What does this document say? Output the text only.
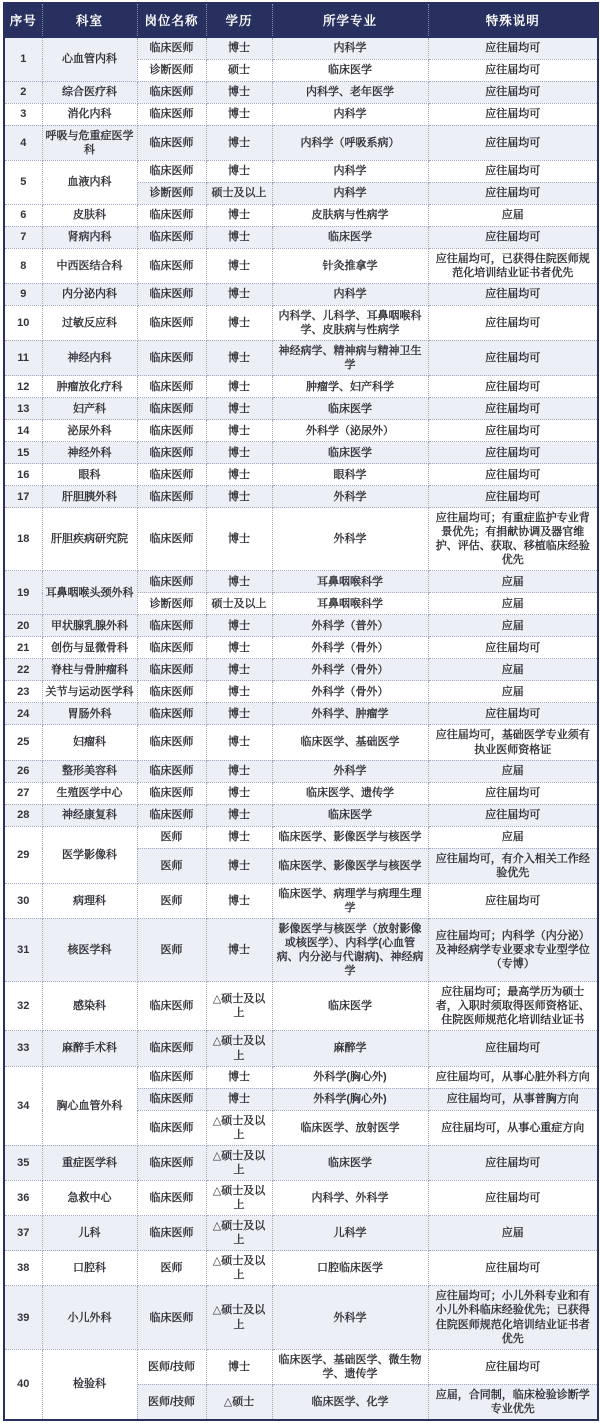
序号	科室	岗位名称	学历	所学专业	特殊说明
1	心血管内科	临床医师	博士	内科学	应往届均可
		诊断医师	硕士	临床医学	应往届均可
2	综合医疗科	临床医师	博士	内科学、老年医学	应往届均可
3	消化内科	临床医师	博士	内科学	应往届均可
4	呼吸与危重症医学科	临床医师	博士	内科学（呼吸系病）	应往届均可
5	血液内科	临床医师	博士	内科学	应往届均可
		诊断医师	硕士及以上	内科学	应往届均可
6	皮肤科	临床医师	博士	皮肤病与性病学	应届
7	肾病内科	临床医师	博士	临床医学	应往届均可
8	中西医结合科	临床医师	博士	针灸推拿学	应往届均可，已获得住院医师规范化培训结业证书者优先
9	内分泌内科	临床医师	博士	内科学	应往届均可
10	过敏反应科	临床医师	博士	内科学、儿科学、耳鼻咽喉科学、皮肤病与性病学	应往届均可
11	神经内科	临床医师	博士	神经病学、精神病与精神卫生学	应往届均可
12	肿瘤放化疗科	临床医师	博士	肿瘤学、妇产科学	应往届均可
13	妇产科	临床医师	博士	临床医学	应往届均可
14	泌尿外科	临床医师	博士	外科学（泌尿外）	应往届均可
15	神经外科	临床医师	博士	临床医学	应往届均可
16	眼科	临床医师	博士	眼科学	应往届均可
17	肝胆胰外科	临床医师	博士	外科学	应往届均可
18	肝胆疾病研究院	临床医师	博士	外科学	应往届均可；有重症监护专业背景优先；有捐献协调及器官维护、评估、获取、移植临床经验优先
19	耳鼻咽喉头颈外科	临床医师	博士	耳鼻咽喉科学	应届
		诊断医师	硕士及以上	耳鼻咽喉科学	应届
20	甲状腺乳腺外科	临床医师	博士	外科学（普外）	应届
21	创伤与显微骨科	临床医师	博士	外科学（骨外）	应往届均可
22	脊柱与骨肿瘤科	临床医师	博士	外科学（骨外）	应届
23	关节与运动医学科	临床医师	博士	外科学（骨外）	应届
24	胃肠外科	临床医师	博士	外科学、肿瘤学	应往届均可
25	妇瘤科	临床医师	博士	临床医学、基础医学	应往届均可，基础医学专业须有执业医师资格证
26	整形美容科	临床医师	博士	外科学	应届
27	生殖医学中心	临床医师	博士	临床医学、遗传学	应往届均可
28	神经康复科	临床医师	博士	临床医学	应往届均可
29	医学影像科	医师	博士	临床医学、影像医学与核医学	应届
		医师	博士	临床医学、影像医学与核医学	应往届均可，有介入相关工作经验优先
30	病理科	医师	博士	临床医学、病理学与病理生理学	应往届均可
31	核医学科	医师	博士	影像医学与核医学（放射影像或核医学）、内科学(心血管病、内分泌与代谢病)、神经病学	应往届均可；内科学（内分泌）及神经病学专业要求专业型学位（专博）
32	感染科	临床医师	△硕士及以上	临床医学	应往届均可；最高学历为硕士者，入职时须取得医师资格证、住院医师规范化培训结业证书
33	麻醉手术科	临床医师	△硕士及以上	麻醉学	应往届均可
34	胸心血管外科	临床医师	博士	外科学(胸心外)	应往届均可，从事心脏外科方向
		临床医师	博士	外科学(胸心外)	应往届均可，从事普胸方向
		临床医师	△硕士及以上	临床医学、放射医学	应往届均可，从事心重症方向
35	重症医学科	临床医师	△硕士及以上	临床医学	应往届均可
36	急救中心	临床医师	△硕士及以上	内科学、外科学	应往届均可
37	儿科	临床医师	△硕士及以上	儿科学	应届
38	口腔科	医师	△硕士及以上	口腔临床医学	应往届均可
39	小儿外科	临床医师	△硕士及以上	外科学	应往届均可；小儿外科专业和有小儿外科临床经验优先；已获得住院医师规范化培训结业证书者优先
40	检验科	医师/技师	博士	临床医学、基础医学、微生物学、遗传学	应往届均可
		医师/技师	△硕士	临床医学、化学	应届，合同制，临床检验诊断学专业优先
